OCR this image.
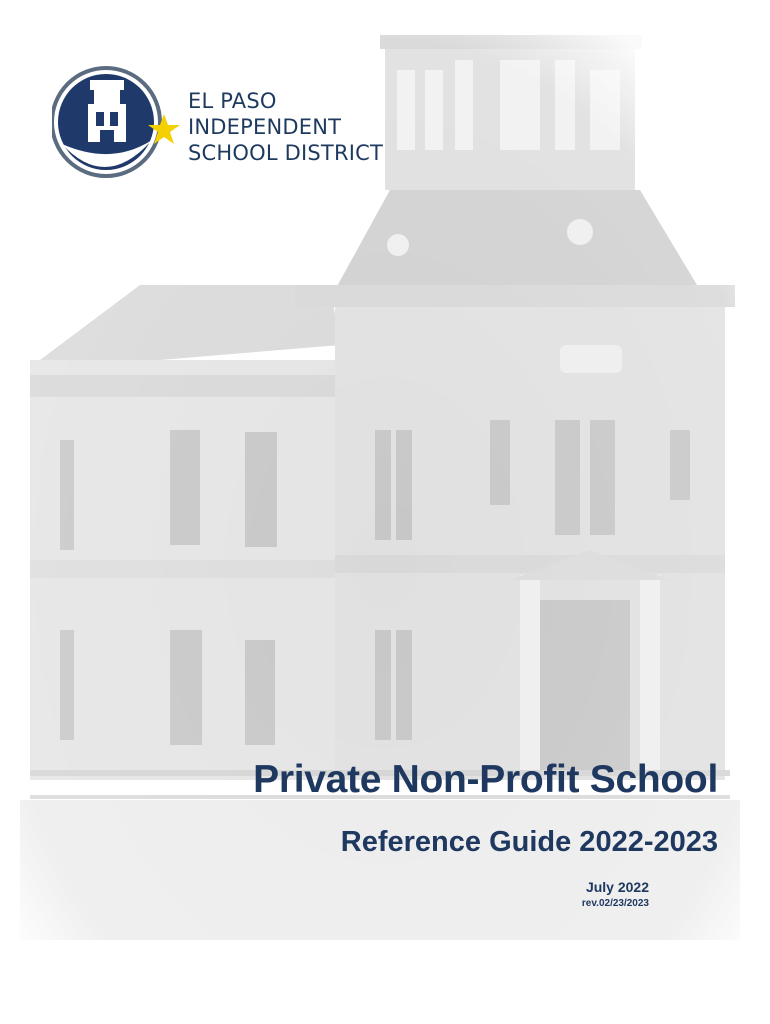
EL PASO
INDEPENDENT
SCHOOL DISTRICT
Private Non-Profit School
Reference Guide 2022-2023
July 2022
rev.02/23/2023
